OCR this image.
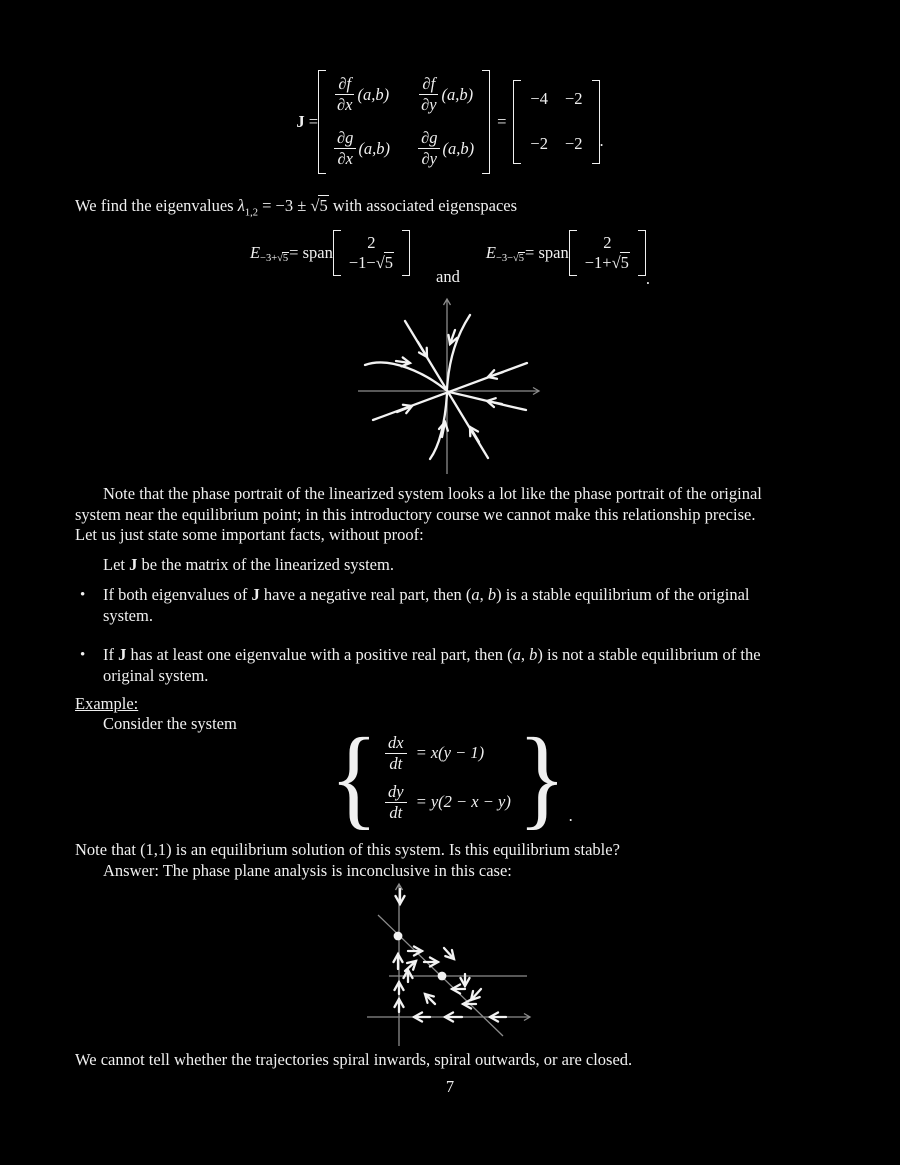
J =
$\frac{\partial f}{\partial x} (a,b) \frac{\partial f}{\partial y} (a,b)$
$\frac{\partial g}{\partial x} (a,b) \frac{\partial g}{\partial y} (a,b)$
=
−4 −2
−2 −2 .
We find the eigenvalues $\lambda_{1,2} = -3 \pm √5$ with associated eigenspaces
E $_{-3+√5}$ = span
2
−1−√5
and
E $_{-3-√5}$ = span
2
−1+√5
.
Note that the phase portrait of the linearized system looks a lot like the phase portrait of the original
system near the equilibrium point; in this introductory course we cannot make this relationship precise.
Let us just state some important facts, without proof:
Let J be the matrix of the linearized system.
•	If both eigenvalues of J have a negative real part, then (a, b) is a stable equilibrium of the original
system.
•	If J has at least one eigenvalue with a positive real part, then (a, b) is not a stable equilibrium of the
original system.
Example:
Consider the system { $\frac{dx}{dt} = x(y - 1)$
$\frac{dy}{dt} = y(2 - x - y)$ } .
Note that (1,1) is an equilibrium solution of this system. Is this equilibrium stable?
Answer: The phase plane analysis is inconclusive in this case:
We cannot tell whether the trajectories spiral inwards, spiral outwards, or are closed.
7
